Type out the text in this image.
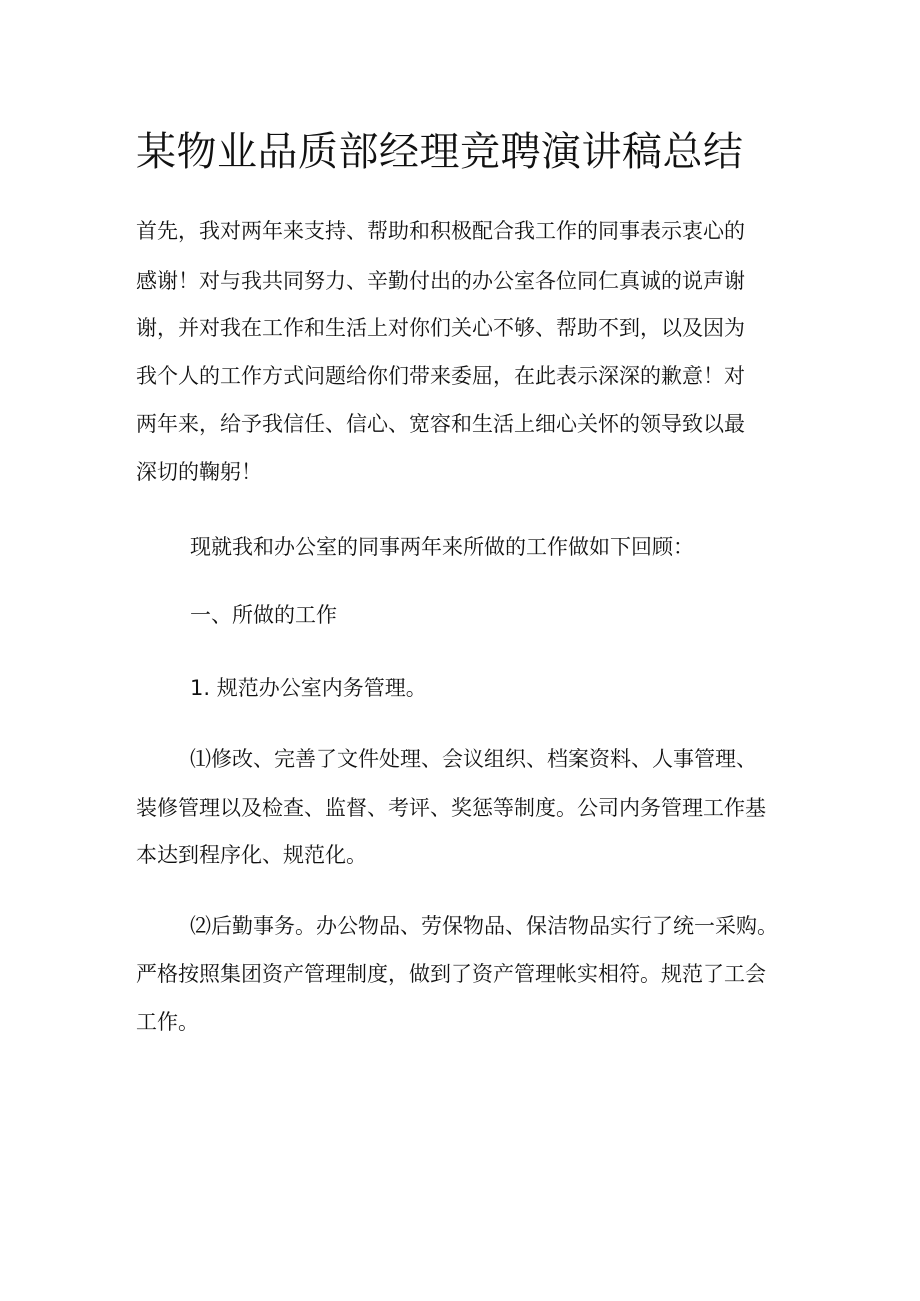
某物业品质部经理竞聘演讲稿总结

首先，我对两年来支持、帮助和积极配合我工作的同事表示衷心的

感谢！对与我共同努力、辛勤付出的办公室各位同仁真诚的说声谢

谢，并对我在工作和生活上对你们关心不够、帮助不到，以及因为

我个人的工作方式问题给你们带来委屈，在此表示深深的歉意！对

两年来，给予我信任、信心、宽容和生活上细心关怀的领导致以最

深切的鞠躬！

现就我和办公室的同事两年来所做的工作做如下回顾：

一、所做的工作

1. 规范办公室内务管理。

⑴修改、完善了文件处理、会议组织、档案资料、人事管理、

装修管理以及检查、监督、考评、奖惩等制度。公司内务管理工作基

本达到程序化、规范化。

⑵后勤事务。办公物品、劳保物品、保洁物品实行了统一采购。

严格按照集团资产管理制度，做到了资产管理帐实相符。规范了工会

工作。
